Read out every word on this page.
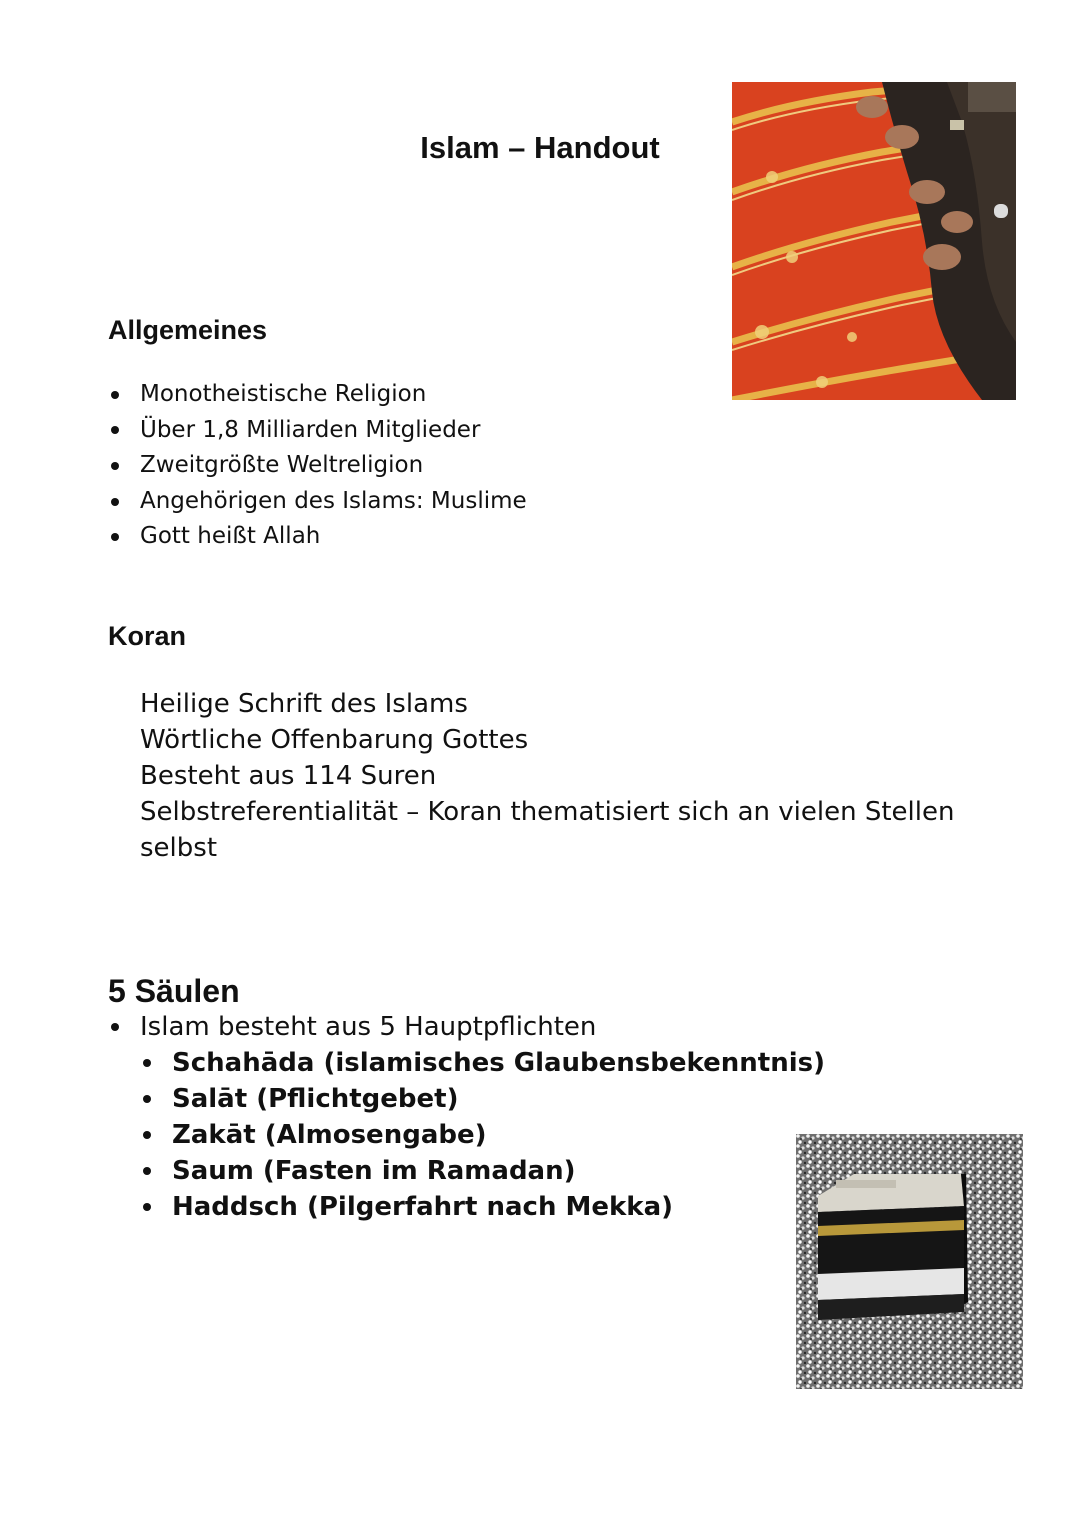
Islam – Handout
Allgemeines
Monotheistische Religion
Über 1,8 Milliarden Mitglieder
Zweitgrößte Weltreligion
Angehörigen des Islams: Muslime
Gott heißt Allah
Koran
Heilige Schrift des Islams
Wörtliche Offenbarung Gottes
Besteht aus 114 Suren
Selbstreferentialität – Koran thematisiert sich an vielen Stellen
selbst
5 Säulen
Islam besteht aus 5 Hauptpflichten
Schahāda (islamisches Glaubensbekenntnis)
Salāt (Pflichtgebet)
Zakāt (Almosengabe)
Saum (Fasten im Ramadan)
Haddsch (Pilgerfahrt nach Mekka)
